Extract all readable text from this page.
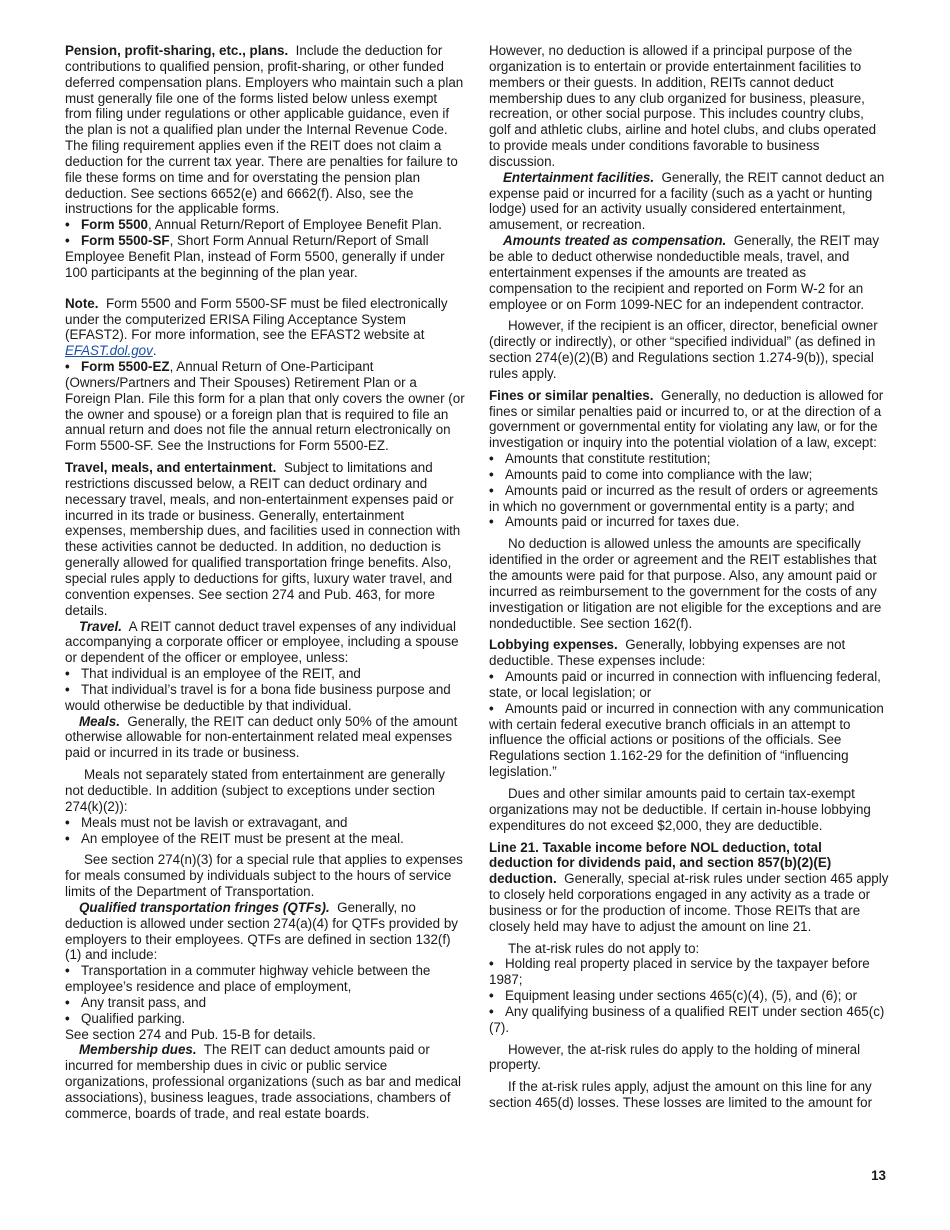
Pension, profit-sharing, etc., plans. Include the deduction for contributions to qualified pension, profit-sharing, or other funded deferred compensation plans. Employers who maintain such a plan must generally file one of the forms listed below unless exempt from filing under regulations or other applicable guidance, even if the plan is not a qualified plan under the Internal Revenue Code. The filing requirement applies even if the REIT does not claim a deduction for the current tax year. There are penalties for failure to file these forms on time and for overstating the pension plan deduction. See sections 6652(e) and 6662(f). Also, see the instructions for the applicable forms.

• Form 5500, Annual Return/Report of Employee Benefit Plan.

• Form 5500-SF, Short Form Annual Return/Report of Small Employee Benefit Plan, instead of Form 5500, generally if under 100 participants at the beginning of the plan year.

Note. Form 5500 and Form 5500-SF must be filed electronically under the computerized ERISA Filing Acceptance System (EFAST2). For more information, see the EFAST2 website at EFAST.dol.gov.

• Form 5500-EZ, Annual Return of One-Participant (Owners/Partners and Their Spouses) Retirement Plan or a Foreign Plan. File this form for a plan that only covers the owner (or the owner and spouse) or a foreign plan that is required to file an annual return and does not file the annual return electronically on Form 5500-SF. See the Instructions for Form 5500-EZ.

Travel, meals, and entertainment. Subject to limitations and restrictions discussed below, a REIT can deduct ordinary and necessary travel, meals, and non-entertainment expenses paid or incurred in its trade or business. Generally, entertainment expenses, membership dues, and facilities used in connection with these activities cannot be deducted. In addition, no deduction is generally allowed for qualified transportation fringe benefits. Also, special rules apply to deductions for gifts, luxury water travel, and convention expenses. See section 274 and Pub. 463, for more details.

Travel. A REIT cannot deduct travel expenses of any individual accompanying a corporate officer or employee, including a spouse or dependent of the officer or employee, unless:

• That individual is an employee of the REIT, and

• That individual’s travel is for a bona fide business purpose and would otherwise be deductible by that individual.

Meals. Generally, the REIT can deduct only 50% of the amount otherwise allowable for non-entertainment related meal expenses paid or incurred in its trade or business.

Meals not separately stated from entertainment are generally not deductible. In addition (subject to exceptions under section 274(k)(2)):

• Meals must not be lavish or extravagant, and

• An employee of the REIT must be present at the meal.

See section 274(n)(3) for a special rule that applies to expenses for meals consumed by individuals subject to the hours of service limits of the Department of Transportation.

Qualified transportation fringes (QTFs). Generally, no deduction is allowed under section 274(a)(4) for QTFs provided by employers to their employees. QTFs are defined in section 132(f)(1) and include:

• Transportation in a commuter highway vehicle between the employee’s residence and place of employment,

• Any transit pass, and

• Qualified parking.

See section 274 and Pub. 15-B for details.

Membership dues. The REIT can deduct amounts paid or incurred for membership dues in civic or public service organizations, professional organizations (such as bar and medical associations), business leagues, trade associations, chambers of commerce, boards of trade, and real estate boards.

However, no deduction is allowed if a principal purpose of the organization is to entertain or provide entertainment facilities to members or their guests. In addition, REITs cannot deduct membership dues to any club organized for business, pleasure, recreation, or other social purpose. This includes country clubs, golf and athletic clubs, airline and hotel clubs, and clubs operated to provide meals under conditions favorable to business discussion.

Entertainment facilities. Generally, the REIT cannot deduct an expense paid or incurred for a facility (such as a yacht or hunting lodge) used for an activity usually considered entertainment, amusement, or recreation.

Amounts treated as compensation. Generally, the REIT may be able to deduct otherwise nondeductible meals, travel, and entertainment expenses if the amounts are treated as compensation to the recipient and reported on Form W-2 for an employee or on Form 1099-NEC for an independent contractor.

However, if the recipient is an officer, director, beneficial owner (directly or indirectly), or other “specified individual” (as defined in section 274(e)(2)(B) and Regulations section 1.274-9(b)), special rules apply.

Fines or similar penalties. Generally, no deduction is allowed for fines or similar penalties paid or incurred to, or at the direction of a government or governmental entity for violating any law, or for the investigation or inquiry into the potential violation of a law, except:

• Amounts that constitute restitution;

• Amounts paid to come into compliance with the law;

• Amounts paid or incurred as the result of orders or agreements in which no government or governmental entity is a party; and

• Amounts paid or incurred for taxes due.

No deduction is allowed unless the amounts are specifically identified in the order or agreement and the REIT establishes that the amounts were paid for that purpose. Also, any amount paid or incurred as reimbursement to the government for the costs of any investigation or litigation are not eligible for the exceptions and are nondeductible. See section 162(f).

Lobbying expenses. Generally, lobbying expenses are not deductible. These expenses include:

• Amounts paid or incurred in connection with influencing federal, state, or local legislation; or

• Amounts paid or incurred in connection with any communication with certain federal executive branch officials in an attempt to influence the official actions or positions of the officials. See Regulations section 1.162-29 for the definition of “influencing legislation.”

Dues and other similar amounts paid to certain tax-exempt organizations may not be deductible. If certain in-house lobbying expenditures do not exceed $2,000, they are deductible.

Line 21. Taxable income before NOL deduction, total deduction for dividends paid, and section 857(b)(2)(E) deduction. Generally, special at-risk rules under section 465 apply to closely held corporations engaged in any activity as a trade or business or for the production of income. Those REITs that are closely held may have to adjust the amount on line 21.

The at-risk rules do not apply to:

• Holding real property placed in service by the taxpayer before 1987;

• Equipment leasing under sections 465(c)(4), (5), and (6); or

• Any qualifying business of a qualified REIT under section 465(c)(7).

However, the at-risk rules do apply to the holding of mineral property.

If the at-risk rules apply, adjust the amount on this line for any section 465(d) losses. These losses are limited to the amount for

13
